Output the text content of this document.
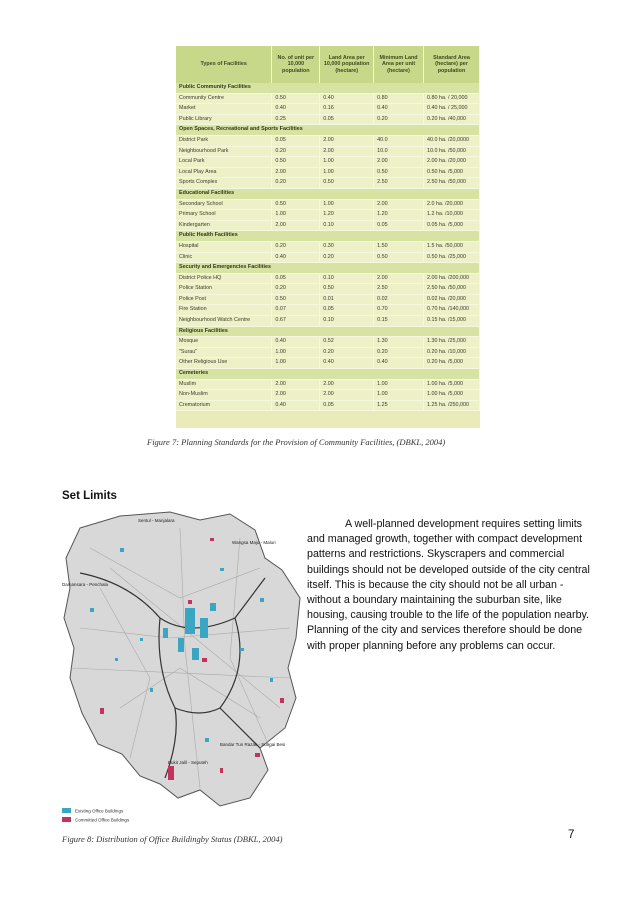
Types of Facilities	No. of unit per 10,000 population	Land Area per 10,000 population (hectare)	Minimum Land Area per unit (hectare)	Standard Area (hectare) per population
Public Community Facilities				
Community Centre	0.50	0.40	0.80	0.80 ha. / 20,000
Market	0.40	0.16	0.40	0.40 ha. / 25,000
Public Library	0.25	0.05	0.20	0.20 ha. /40,000
Open Spaces, Recreational and Sports Facilities				
District Park	0.05	2.00	40.0	40.0 ha. /20,0000
Neighbourhood Park	0.20	2.00	10.0	10.0 ha. /50,000
Local Park	0.50	1.00	2.00	2.00 ha. /20,000
Local Play Area	2.00	1.00	0.50	0.50 ha. /5,000
Sports Complex	0.20	0.50	2.50	2.50 ha. /50,000
Educational Facilities				
Secondary School	0.50	1.00	2.00	2.0 ha. /20,000
Primary School	1.00	1.20	1.20	1.2 ha. /10,000
Kindergarten	2.00	0.10	0.05	0.05 ha. /5,000
Public Health Facilities				
Hospital	0.20	0.30	1.50	1.5 ha. /50,000
Clinic	0.40	0.20	0.50	0.50 ha. /25,000
Security and Emergencies Facilities				
District Police HQ	0.05	0.10	2.00	2.00 ha. /200,000
Police Station	0.20	0.50	2.50	2.50 ha. /50,000
Police Post	0.50	0.01	0.02	0.02 ha. /20,000
Fire Station	0.07	0.05	0.70	0.70 ha. /140,000
Neighbourhood Watch Centre	0.67	0.10	0.15	0.15 ha. /15,000
Religious Facilities				
Mosque	0.40	0.52	1.30	1.30 ha. /25,000
"Surau"	1.00	0.20	0.20	0.20 ha. /10,000
Other Religious Use	1.00	0.40	0.40	0.20 ha. /5,000
Cemeteries				
Muslim	2.00	2.00	1.00	1.00 ha. /5,000
Non-Muslim	2.00	2.00	1.00	1.00 ha. /5,000
Crematorium	0.40	0.05	1.25	1.25 ha. /250,000
Figure 7: Planning Standards for the Provision of Community Facilities, (DBKL, 2004)
Set Limits
Sentul - Manjalara
Damansara - Penchala
Wangsa Maju - Maluri
Bukit Jalil - Seputeh
Bandar Tun Razak - Sungai Besi
Existing Office Buildings
Committed Office Buildings
A well-planned development requires setting limits and managed growth, together with compact development patterns and restrictions. Skyscrapers and commercial buildings should not be developed outside of the city central itself. This is because the city should not be all urban - without a boundary maintaining the suburban site, like housing, causing trouble to the life of the population nearby. Planning of the city and services therefore should be done with proper planning before any problems can occur.
Figure 8: Distribution of Office Buildingby Status (DBKL, 2004)	7
